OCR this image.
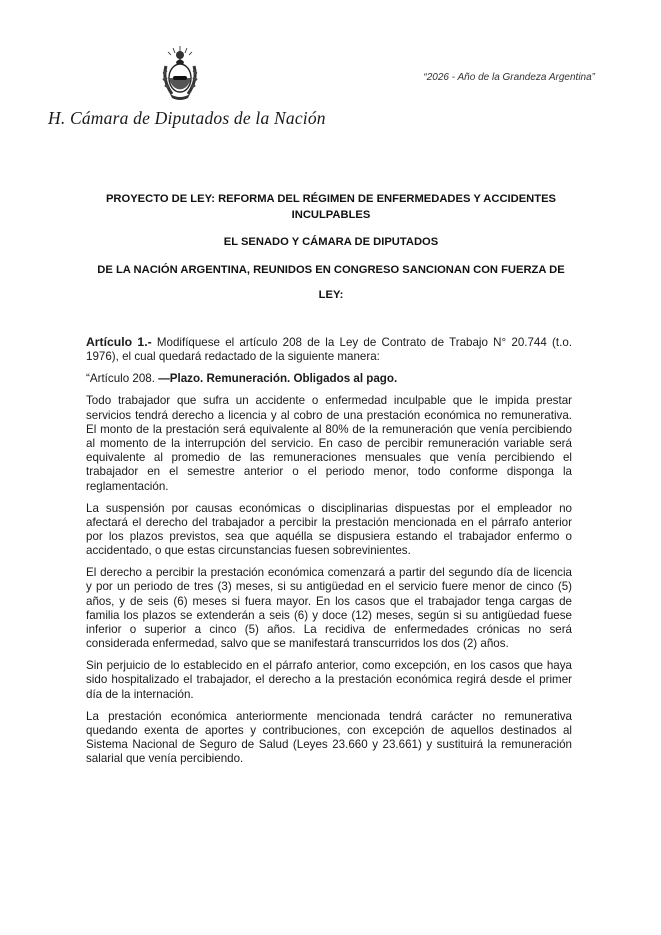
H. Cámara de Diputados de la Nación
“2026 - Año de la Grandeza Argentina”
PROYECTO DE LEY: REFORMA DEL RÉGIMEN DE ENFERMEDADES Y ACCIDENTES INCULPABLES
EL SENADO Y CÁMARA DE DIPUTADOS
DE LA NACIÓN ARGENTINA, REUNIDOS EN CONGRESO SANCIONAN CON FUERZA DE
LEY:

Artículo 1.- Modifíquese el artículo 208 de la Ley de Contrato de Trabajo N° 20.744 (t.o. 1976), el cual quedará redactado de la siguiente manera:

“Artículo 208. —Plazo. Remuneración. Obligados al pago.

Todo trabajador que sufra un accidente o enfermedad inculpable que le impida prestar servicios tendrá derecho a licencia y al cobro de una prestación económica no remunerativa. El monto de la prestación será equivalente al 80% de la remuneración que venía percibiendo al momento de la interrupción del servicio. En caso de percibir remuneración variable será equivalente al promedio de las remuneraciones mensuales que venía percibiendo el trabajador en el semestre anterior o el periodo menor, todo conforme disponga la reglamentación.

La suspensión por causas económicas o disciplinarias dispuestas por el empleador no afectará el derecho del trabajador a percibir la prestación mencionada en el párrafo anterior por los plazos previstos, sea que aquélla se dispusiera estando el trabajador enfermo o accidentado, o que estas circunstancias fuesen sobrevinientes.

El derecho a percibir la prestación económica comenzará a partir del segundo día de licencia y por un periodo de tres (3) meses, si su antigüedad en el servicio fuere menor de cinco (5) años, y de seis (6) meses si fuera mayor. En los casos que el trabajador tenga cargas de familia los plazos se extenderán a seis (6) y doce (12) meses, según si su antigüedad fuese inferior o superior a cinco (5) años. La recidiva de enfermedades crónicas no será considerada enfermedad, salvo que se manifestará transcurridos los dos (2) años.

Sin perjuicio de lo establecido en el párrafo anterior, como excepción, en los casos que haya sido hospitalizado el trabajador, el derecho a la prestación económica regirá desde el primer día de la internación.

La prestación económica anteriormente mencionada tendrá carácter no remunerativa quedando exenta de aportes y contribuciones, con excepción de aquellos destinados al Sistema Nacional de Seguro de Salud (Leyes 23.660 y 23.661) y sustituirá la remuneración salarial que venía percibiendo.
